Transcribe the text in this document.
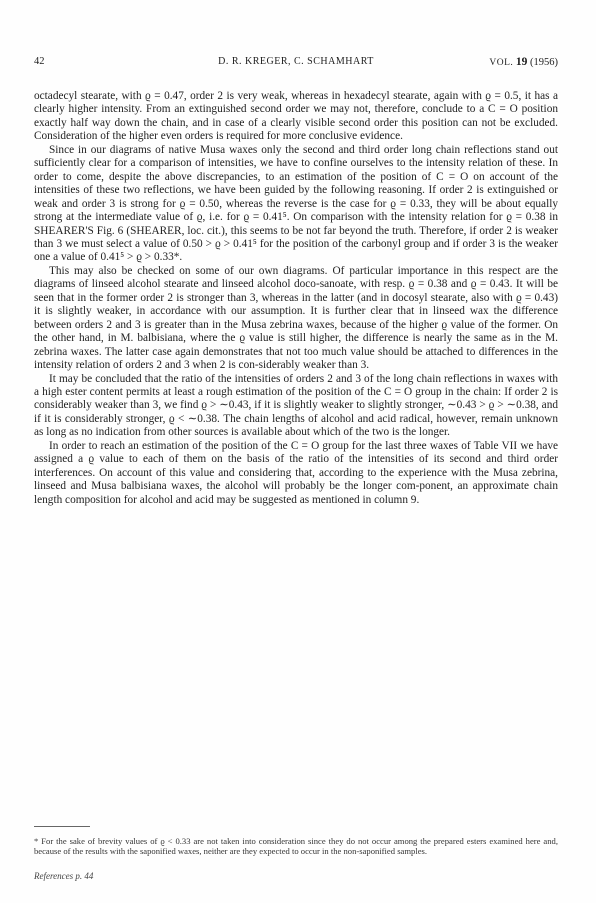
42	D. R. KREGER, C. SCHAMHART	VOL. 19 (1956)

octadecyl stearate, with ϱ = 0.47, order 2 is very weak, whereas in hexadecyl stearate, again with ϱ = 0.5, it has a clearly higher intensity. From an extinguished second order we may not, therefore, conclude to a C = O position exactly half way down the chain, and in case of a clearly visible second order this position can not be excluded. Consideration of the higher even orders is required for more conclusive evidence.

Since in our diagrams of native Musa waxes only the second and third order long chain reflections stand out sufficiently clear for a comparison of intensities, we have to confine ourselves to the intensity relation of these. In order to come, despite the above discrepancies, to an estimation of the position of C = O on account of the intensities of these two reflections, we have been guided by the following reasoning. If order 2 is extinguished or weak and order 3 is strong for ϱ = 0.50, whereas the reverse is the case for ϱ = 0.33, they will be about equally strong at the intermediate value of ϱ, i.e. for ϱ = 0.41⁵. On comparison with the intensity relation for ϱ = 0.38 in SHEARER'S Fig. 6 (SHEARER, loc. cit.), this seems to be not far beyond the truth. Therefore, if order 2 is weaker than 3 we must select a value of 0.50 > ϱ > 0.41⁵ for the position of the carbonyl group and if order 3 is the weaker one a value of 0.41⁵ > ϱ > 0.33*.

This may also be checked on some of our own diagrams. Of particular importance in this respect are the diagrams of linseed alcohol stearate and linseed alcohol doco-sanoate, with resp. ϱ = 0.38 and ϱ = 0.43. It will be seen that in the former order 2 is stronger than 3, whereas in the latter (and in docosyl stearate, also with ϱ = 0.43) it is slightly weaker, in accordance with our assumption. It is further clear that in linseed wax the difference between orders 2 and 3 is greater than in the Musa zebrina waxes, because of the higher ϱ value of the former. On the other hand, in M. balbisiana, where the ϱ value is still higher, the difference is nearly the same as in the M. zebrina waxes. The latter case again demonstrates that not too much value should be attached to differences in the intensity relation of orders 2 and 3 when 2 is con-siderably weaker than 3.

It may be concluded that the ratio of the intensities of orders 2 and 3 of the long chain reflections in waxes with a high ester content permits at least a rough estimation of the position of the C = O group in the chain: If order 2 is considerably weaker than 3, we find ϱ > ∼0.43, if it is slightly weaker to slightly stronger, ∼0.43 > ϱ > ∼0.38, and if it is considerably stronger, ϱ < ∼0.38. The chain lengths of alcohol and acid radical, however, remain unknown as long as no indication from other sources is available about which of the two is the longer.

In order to reach an estimation of the position of the C = O group for the last three waxes of Table VII we have assigned a ϱ value to each of them on the basis of the ratio of the intensities of its second and third order interferences. On account of this value and considering that, according to the experience with the Musa zebrina, linseed and Musa balbisiana waxes, the alcohol will probably be the longer com-ponent, an approximate chain length composition for alcohol and acid may be suggested as mentioned in column 9.

* For the sake of brevity values of ϱ < 0.33 are not taken into consideration since they do not occur among the prepared esters examined here and, because of the results with the saponified waxes, neither are they expected to occur in the non-saponified samples.
References p. 44
